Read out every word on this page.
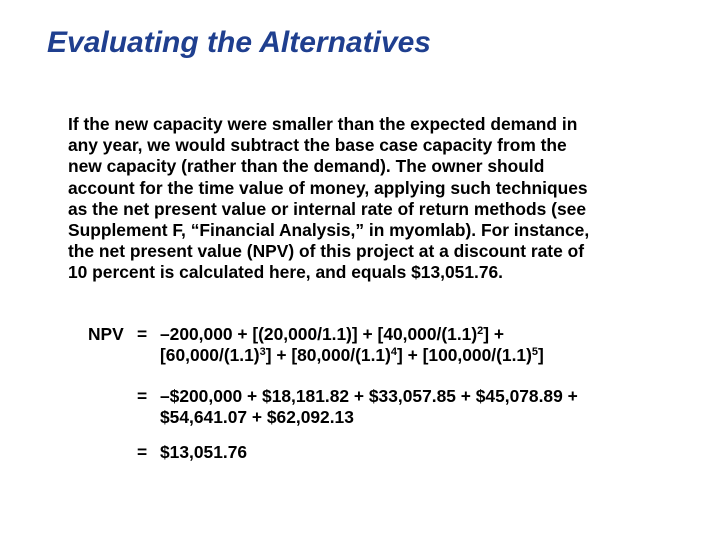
Evaluating the Alternatives
If the new capacity were smaller than the expected demand in
any year, we would subtract the base case capacity from the
new capacity (rather than the demand). The owner should
account for the time value of money, applying such techniques
as the net present value or internal rate of return methods (see
Supplement F, “Financial Analysis,” in myomlab). For instance,
the net present value (NPV) of this project at a discount rate of
10 percent is calculated here, and equals $13,051.76.
NPV = $-200,000 + [(20,000/1.1)] + [40,000/(1.1)^2]$ +
$[60,000/(1.1)^3] + [80,000/(1.1)^4] + [100,000/(1.1)^5]$
= –$200,000 + $18,181.82 + $33,057.85 + $45,078.89 +
$54,641.07 + $62,092.13
= $13,051.76
